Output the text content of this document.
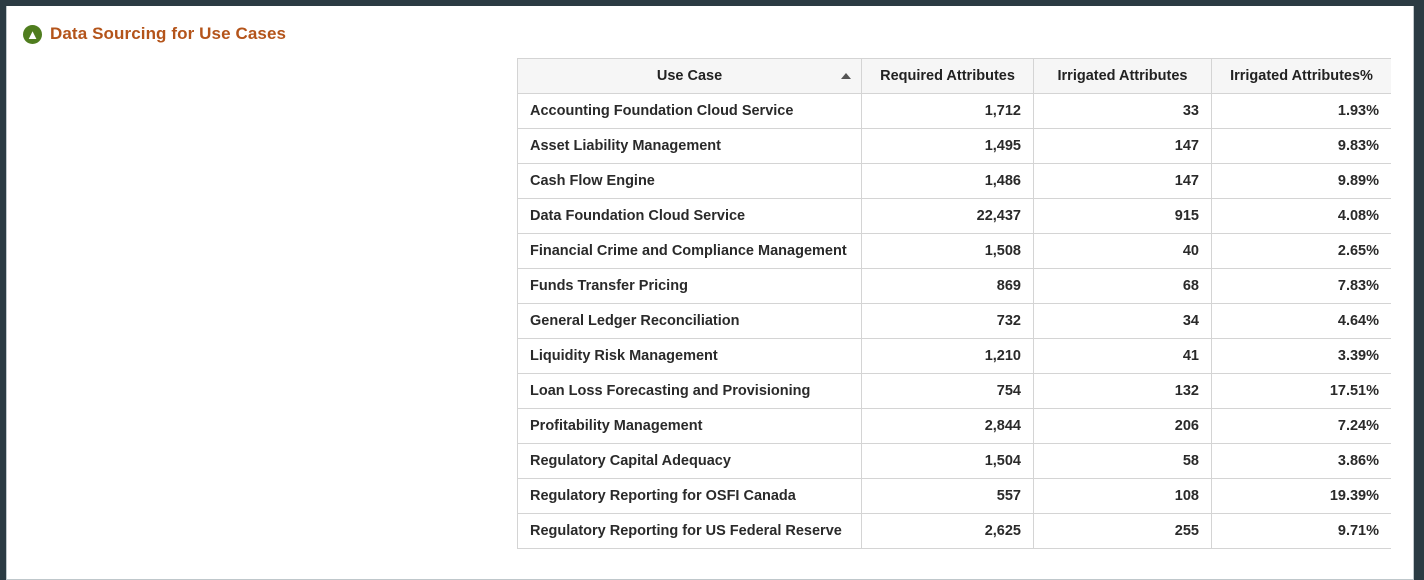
▲ Data Sourcing for Use Cases
Use Case	Required Attributes	Irrigated Attributes	Irrigated Attributes%
Accounting Foundation Cloud Service	1,712	33	1.93%
Asset Liability Management	1,495	147	9.83%
Cash Flow Engine	1,486	147	9.89%
Data Foundation Cloud Service	22,437	915	4.08%
Financial Crime and Compliance Management	1,508	40	2.65%
Funds Transfer Pricing	869	68	7.83%
General Ledger Reconciliation	732	34	4.64%
Liquidity Risk Management	1,210	41	3.39%
Loan Loss Forecasting and Provisioning	754	132	17.51%
Profitability Management	2,844	206	7.24%
Regulatory Capital Adequacy	1,504	58	3.86%
Regulatory Reporting for OSFI Canada	557	108	19.39%
Regulatory Reporting for US Federal Reserve	2,625	255	9.71%
